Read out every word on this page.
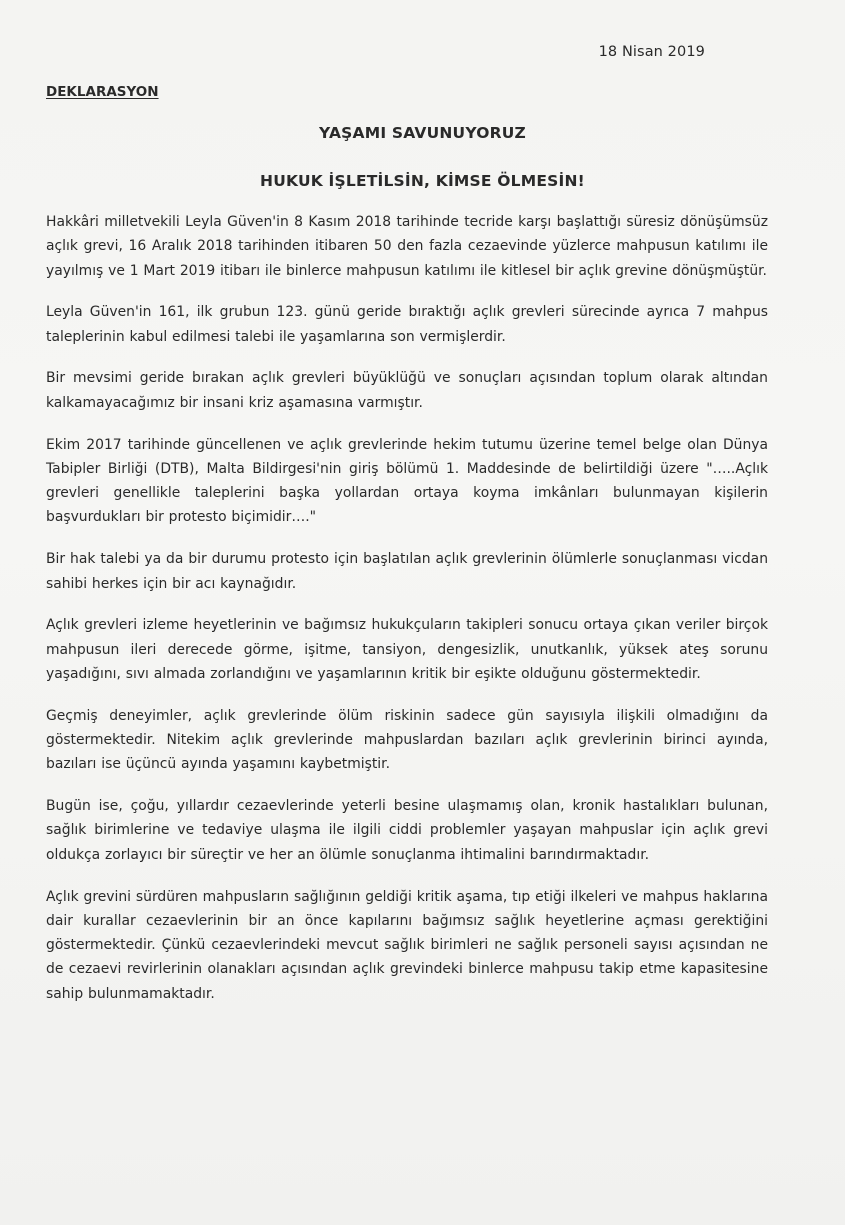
18 Nisan 2019
DEKLARASYON
YAŞAMI SAVUNUYORUZ
HUKUK İŞLETİLSİN, KİMSE ÖLMESİN!

Hakkâri milletvekili Leyla Güven'in 8 Kasım 2018 tarihinde tecride karşı başlattığı süresiz dönüşümsüz açlık grevi, 16 Aralık 2018 tarihinden itibaren 50 den fazla cezaevinde yüzlerce mahpusun katılımı ile yayılmış ve 1 Mart 2019 itibarı ile binlerce mahpusun katılımı ile kitlesel bir açlık grevine dönüşmüştür.

Leyla Güven'in 161, ilk grubun 123. günü geride bıraktığı açlık grevleri sürecinde ayrıca 7 mahpus taleplerinin kabul edilmesi talebi ile yaşamlarına son vermişlerdir.

Bir mevsimi geride bırakan açlık grevleri büyüklüğü ve sonuçları açısından toplum olarak altından kalkamayacağımız bir insani kriz aşamasına varmıştır.

Ekim 2017 tarihinde güncellenen ve açlık grevlerinde hekim tutumu üzerine temel belge olan Dünya Tabipler Birliği (DTB), Malta Bildirgesi'nin giriş bölümü 1. Maddesinde de belirtildiği üzere "…..Açlık grevleri genellikle taleplerini başka yollardan ortaya koyma imkânları bulunmayan kişilerin başvurdukları bir protesto biçimidir…."

Bir hak talebi ya da bir durumu protesto için başlatılan açlık grevlerinin ölümlerle sonuçlanması vicdan sahibi herkes için bir acı kaynağıdır.

Açlık grevleri izleme heyetlerinin ve bağımsız hukukçuların takipleri sonucu ortaya çıkan veriler birçok mahpusun ileri derecede görme, işitme, tansiyon, dengesizlik, unutkanlık, yüksek ateş sorunu yaşadığını, sıvı almada zorlandığını ve yaşamlarının kritik bir eşikte olduğunu göstermektedir.

Geçmiş deneyimler, açlık grevlerinde ölüm riskinin sadece gün sayısıyla ilişkili olmadığını da göstermektedir. Nitekim açlık grevlerinde mahpuslardan bazıları açlık grevlerinin birinci ayında, bazıları ise üçüncü ayında yaşamını kaybetmiştir.

Bugün ise, çoğu, yıllardır cezaevlerinde yeterli besine ulaşmamış olan, kronik hastalıkları bulunan, sağlık birimlerine ve tedaviye ulaşma ile ilgili ciddi problemler yaşayan mahpuslar için açlık grevi oldukça zorlayıcı bir süreçtir ve her an ölümle sonuçlanma ihtimalini barındırmaktadır.

Açlık grevini sürdüren mahpusların sağlığının geldiği kritik aşama, tıp etiği ilkeleri ve mahpus haklarına dair kurallar cezaevlerinin bir an önce kapılarını bağımsız sağlık heyetlerine açması gerektiğini göstermektedir. Çünkü cezaevlerindeki mevcut sağlık birimleri ne sağlık personeli sayısı açısından ne de cezaevi revirlerinin olanakları açısından açlık grevindeki binlerce mahpusu takip etme kapasitesine sahip bulunmamaktadır.
